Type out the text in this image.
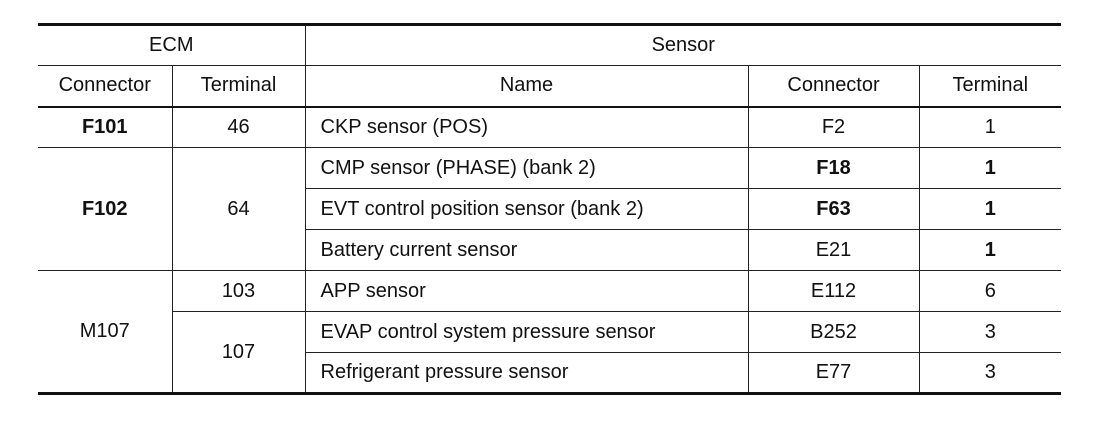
ECM		Sensor		
Connector	Terminal	Name	Connector	Terminal
F101	46	CKP sensor (POS)	F2	1
F102	64	CMP sensor (PHASE) (bank 2)	F18	1
		EVT control position sensor (bank 2)	F63	1
		Battery current sensor	E21	1
M107	103	APP sensor	E112	6
	107	EVAP control system pressure sensor	B252	3
		Refrigerant pressure sensor	E77	3
